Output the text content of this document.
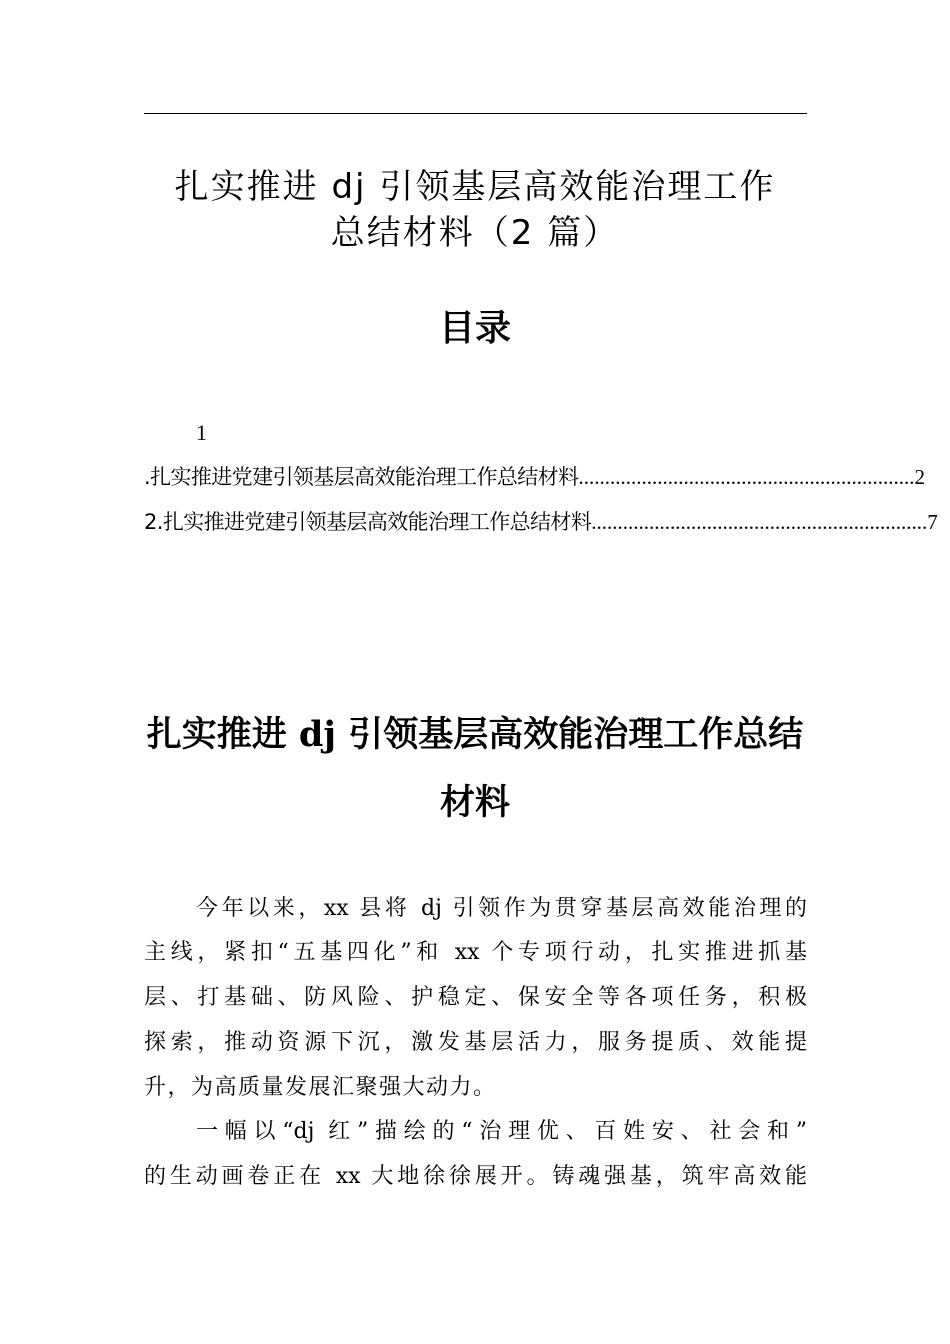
扎实推进 dj 引领基层高效能治理工作
总结材料（2 篇）
目录
1
.扎实推进党建引领基层高效能治理工作总结材料 ................................................................ 2
2.扎实推进党建引领基层高效能治理工作总结材料 ................................................................ 7
扎实推进 dj 引领基层高效能治理工作总结
材料
今年以来，xx 县将 dj 引领作为贯穿基层高效能治理的
主线，紧扣“五基四化”和 xx 个专项行动，扎实推进抓基
层、打基础、防风险、护稳定、保安全等各项任务，积极
探索，推动资源下沉，激发基层活力，服务提质、效能提
升，为高质量发展汇聚强大动力。
一幅以“dj 红”描绘的“治理优、百姓安、社会和”
的生动画卷正在 xx 大地徐徐展开。铸魂强基，筑牢高效能
